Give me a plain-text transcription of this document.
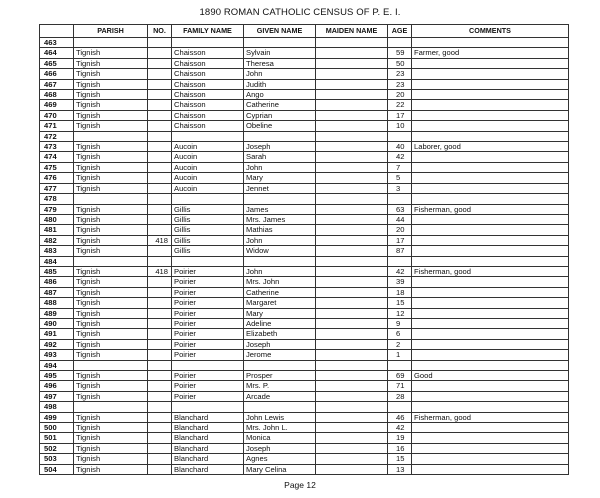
1890 ROMAN CATHOLIC CENSUS OF P. E. I.
	PARISH	NO.	FAMILY NAME	GIVEN NAME	MAIDEN NAME	AGE	COMMENTS
463							
464	Tignish		Chaisson	Sylvain		59	Farmer, good
465	Tignish		Chaisson	Theresa		50	
466	Tignish		Chaisson	John		23	
467	Tignish		Chaisson	Judith		23	
468	Tignish		Chaisson	Ango		20	
469	Tignish		Chaisson	Catherine		22	
470	Tignish		Chaisson	Cyprian		17	
471	Tignish		Chaisson	Obeline		10	
472							
473	Tignish		Aucoin	Joseph		40	Laborer, good
474	Tignish		Aucoin	Sarah		42	
475	Tignish		Aucoin	John		7	
476	Tignish		Aucoin	Mary		5	
477	Tignish		Aucoin	Jennet		3	
478							
479	Tignish		Gillis	James		63	Fisherman, good
480	Tignish		Gillis	Mrs. James		44	
481	Tignish		Gillis	Mathias		20	
482	Tignish	418	Gillis	John		17	
483	Tignish		Gillis	Widow		87	
484							
485	Tignish	418	Poirier	John		42	Fisherman, good
486	Tignish		Poirier	Mrs. John		39	
487	Tignish		Poirier	Catherine		18	
488	Tignish		Poirier	Margaret		15	
489	Tignish		Poirier	Mary		12	
490	Tignish		Poirier	Adeline		9	
491	Tignish		Poirier	Elizabeth		6	
492	Tignish		Poirier	Joseph		2	
493	Tignish		Poirier	Jerome		1	
494							
495	Tignish		Poirier	Prosper		69	Good
496	Tignish		Poirier	Mrs. P.		71	
497	Tignish		Poirier	Arcade		28	
498							
499	Tignish		Blanchard	John Lewis		46	Fisherman, good
500	Tignish		Blanchard	Mrs. John L.		42	
501	Tignish		Blanchard	Monica		19	
502	Tignish		Blanchard	Joseph		16	
503	Tignish		Blanchard	Agnes		15	
504	Tignish		Blanchard	Mary Celina		13	
Page 12
